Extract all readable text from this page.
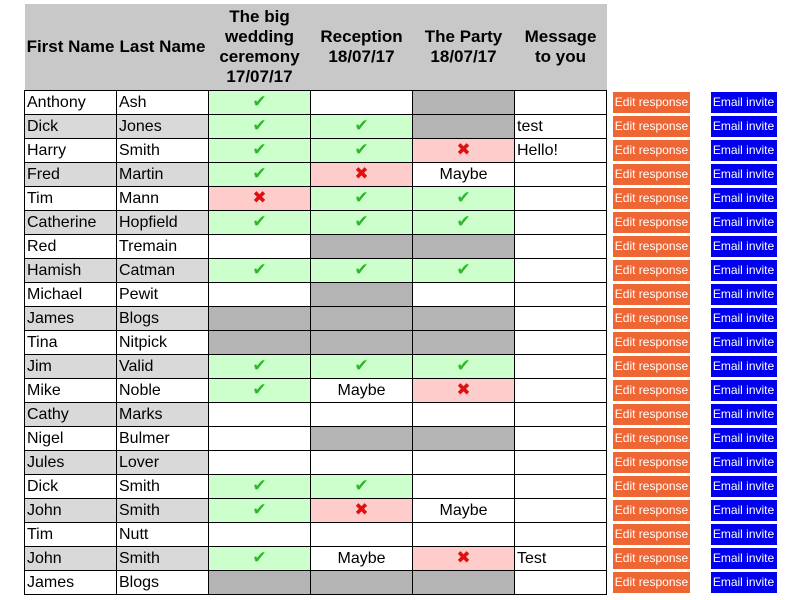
First Name	Last Name	The big wedding ceremony 17/07/17	Reception 18/07/17	The Party 18/07/17	Message to you		
Anthony	Ash	✔				Edit response	Email invite

Dick	Jones	✔	✔		test	Edit response	Email invite

Harry	Smith	✔	✔	✖	Hello!	Edit response	Email invite

Fred	Martin	✔	✖	Maybe		Edit response	Email invite

Tim	Mann	✖	✔	✔		Edit response	Email invite

Catherine	Hopfield	✔	✔	✔		Edit response	Email invite

Red	Tremain					Edit response	Email invite

Hamish	Catman	✔	✔	✔		Edit response	Email invite

Michael	Pewit					Edit response	Email invite

James	Blogs					Edit response	Email invite

Tina	Nitpick					Edit response	Email invite

Jim	Valid	✔	✔	✔		Edit response	Email invite

Mike	Noble	✔	Maybe	✖		Edit response	Email invite

Cathy	Marks					Edit response	Email invite

Nigel	Bulmer					Edit response	Email invite

Jules	Lover					Edit response	Email invite

Dick	Smith	✔	✔			Edit response	Email invite

John	Smith	✔	✖	Maybe		Edit response	Email invite

Tim	Nutt					Edit response	Email invite

John	Smith	✔	Maybe	✖	Test	Edit response	Email invite

James	Blogs					Edit response	Email invite
